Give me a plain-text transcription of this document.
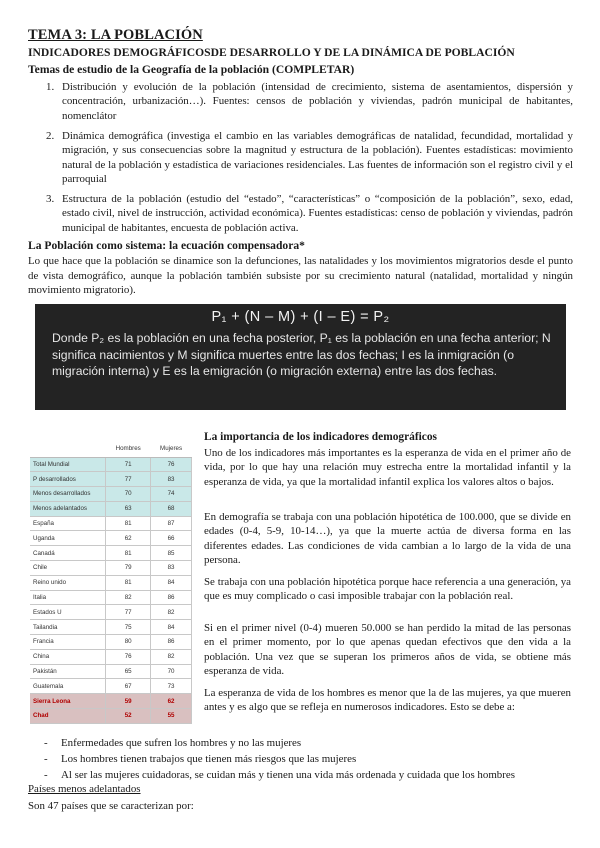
TEMA 3: LA POBLACIÓN
INDICADORES DEMOGRÁFICOSDE DESARROLLO Y DE LA DINÁMICA DE POBLACIÓN
Temas de estudio de la Geografía de la población (COMPLETAR)
1. Distribución y evolución de la población (intensidad de crecimiento, sistema de asentamientos, dispersión y concentración, urbanización…). Fuentes: censos de población y viviendas, padrón municipal de habitantes, nomenclátor
2. Dinámica demográfica (investiga el cambio en las variables demográficas de natalidad, fecundidad, mortalidad y migración, y sus consecuencias sobre la magnitud y estructura de la población). Fuentes estadísticas: movimiento natural de la población y estadística de variaciones residenciales. Las fuentes de información son el registro civil y el parroquial
3. Estructura de la población (estudio del “estado”, “características” o “composición de la población”, sexo, edad, estado civil, nivel de instrucción, actividad económica). Fuentes estadísticas: censo de población y viviendas, padrón municipal de habitantes, encuesta de población activa.
La Población como sistema: la ecuación compensadora*
Lo que hace que la población se dinamice son la defunciones, las natalidades y los movimientos migratorios desde el punto de vista demográfico, aunque la población también subsiste por su crecimiento natural (natalidad, mortalidad y ningún movimiento migratorio).
P₁ + (N – M) + (I – E) = P₂
Donde P₂ es la población en una fecha posterior, P₁ es la población en una fecha anterior; N significa nacimientos y M significa muertes entre las dos fechas; I es la inmigración (o migración interna) y E es la emigración (o migración externa) entre las dos fechas.
	Hombres	Mujeres
Total Mundial	71	76
P desarrollados	77	83
Menos desarrollados	70	74
Menos adelantados	63	68
España	81	87
Uganda	62	66
Canadá	81	85
Chile	79	83
Reino unido	81	84
Italia	82	86
Estados U	77	82
Tailandia	75	84
Francia	80	86
China	76	82
Pakistán	65	70
Guatemala	67	73
Sierra Leona	59	62
Chad	52	55
La importancia de los indicadores demográficos
Uno de los indicadores más importantes es la esperanza de vida en el primer año de vida, por lo que hay una relación muy estrecha entre la mortalidad infantil y la esperanza de vida, ya que la mortalidad infantil explica los valores altos o bajos.
En demografía se trabaja con una población hipotética de 100.000, que se divide en edades (0-4, 5-9, 10-14…), ya que la muerte actúa de diversa forma en las diferentes edades. Las condiciones de vida cambian a lo largo de la vida de una persona.
Se trabaja con una población hipotética porque hace referencia a una generación, ya que es muy complicado o casi imposible trabajar con la población real.
Si en el primer nivel (0-4) mueren 50.000 se han perdido la mitad de las personas en el primer momento, por lo que apenas quedan efectivos que den vida a la población. Una vez que se superan los primeros años de vida, se obtiene más esperanza de vida.
La esperanza de vida de los hombres es menor que la de las mujeres, ya que mueren antes y es algo que se refleja en numerosos indicadores. Esto se debe a:
- Enfermedades que sufren los hombres y no las mujeres
- Los hombres tienen trabajos que tienen más riesgos que las mujeres
- Al ser las mujeres cuidadoras, se cuidan más y tienen una vida más ordenada y cuidada que los hombres
Países menos adelantados
Son 47 países que se caracterizan por:
